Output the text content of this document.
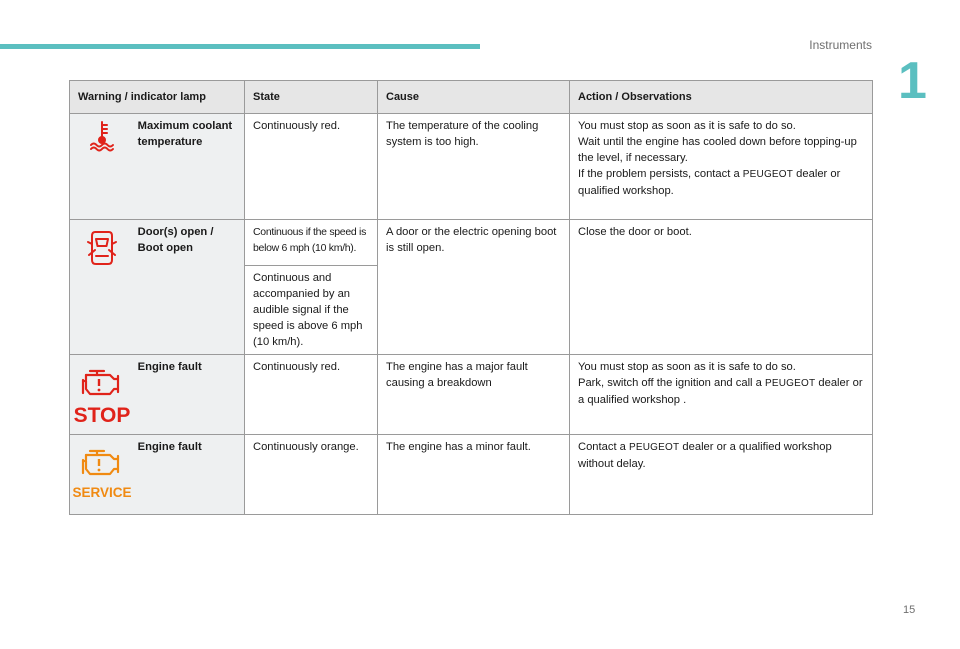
Instruments
1
Warning / indicator lamp		State	Cause	Action / Observations

	Maximum coolant temperature	Continuously red.	The temperature of the cooling system is too high.	You must stop as soon as it is safe to do so.
Wait until the engine has cooled down before topping-up the level, if necessary.
If the problem persists, contact a PEUGEOT dealer or qualified workshop.

	Door(s) open / Boot open	Continuous if the speed is below 6 mph (10 km/h).	A door or the electric opening boot is still open.	Close the door or boot.
		Continuous and accompanied by an audible signal if the speed is above 6 mph (10 km/h).		

STOP	Engine fault	Continuously red.	The engine has a major fault causing a breakdown	You must stop as soon as it is safe to do so.
Park, switch off the ignition and call a PEUGEOT dealer or a qualified workshop .

SERVICE	Engine fault	Continuously orange.	The engine has a minor fault.	Contact a PEUGEOT dealer or a qualified workshop without delay.
15
